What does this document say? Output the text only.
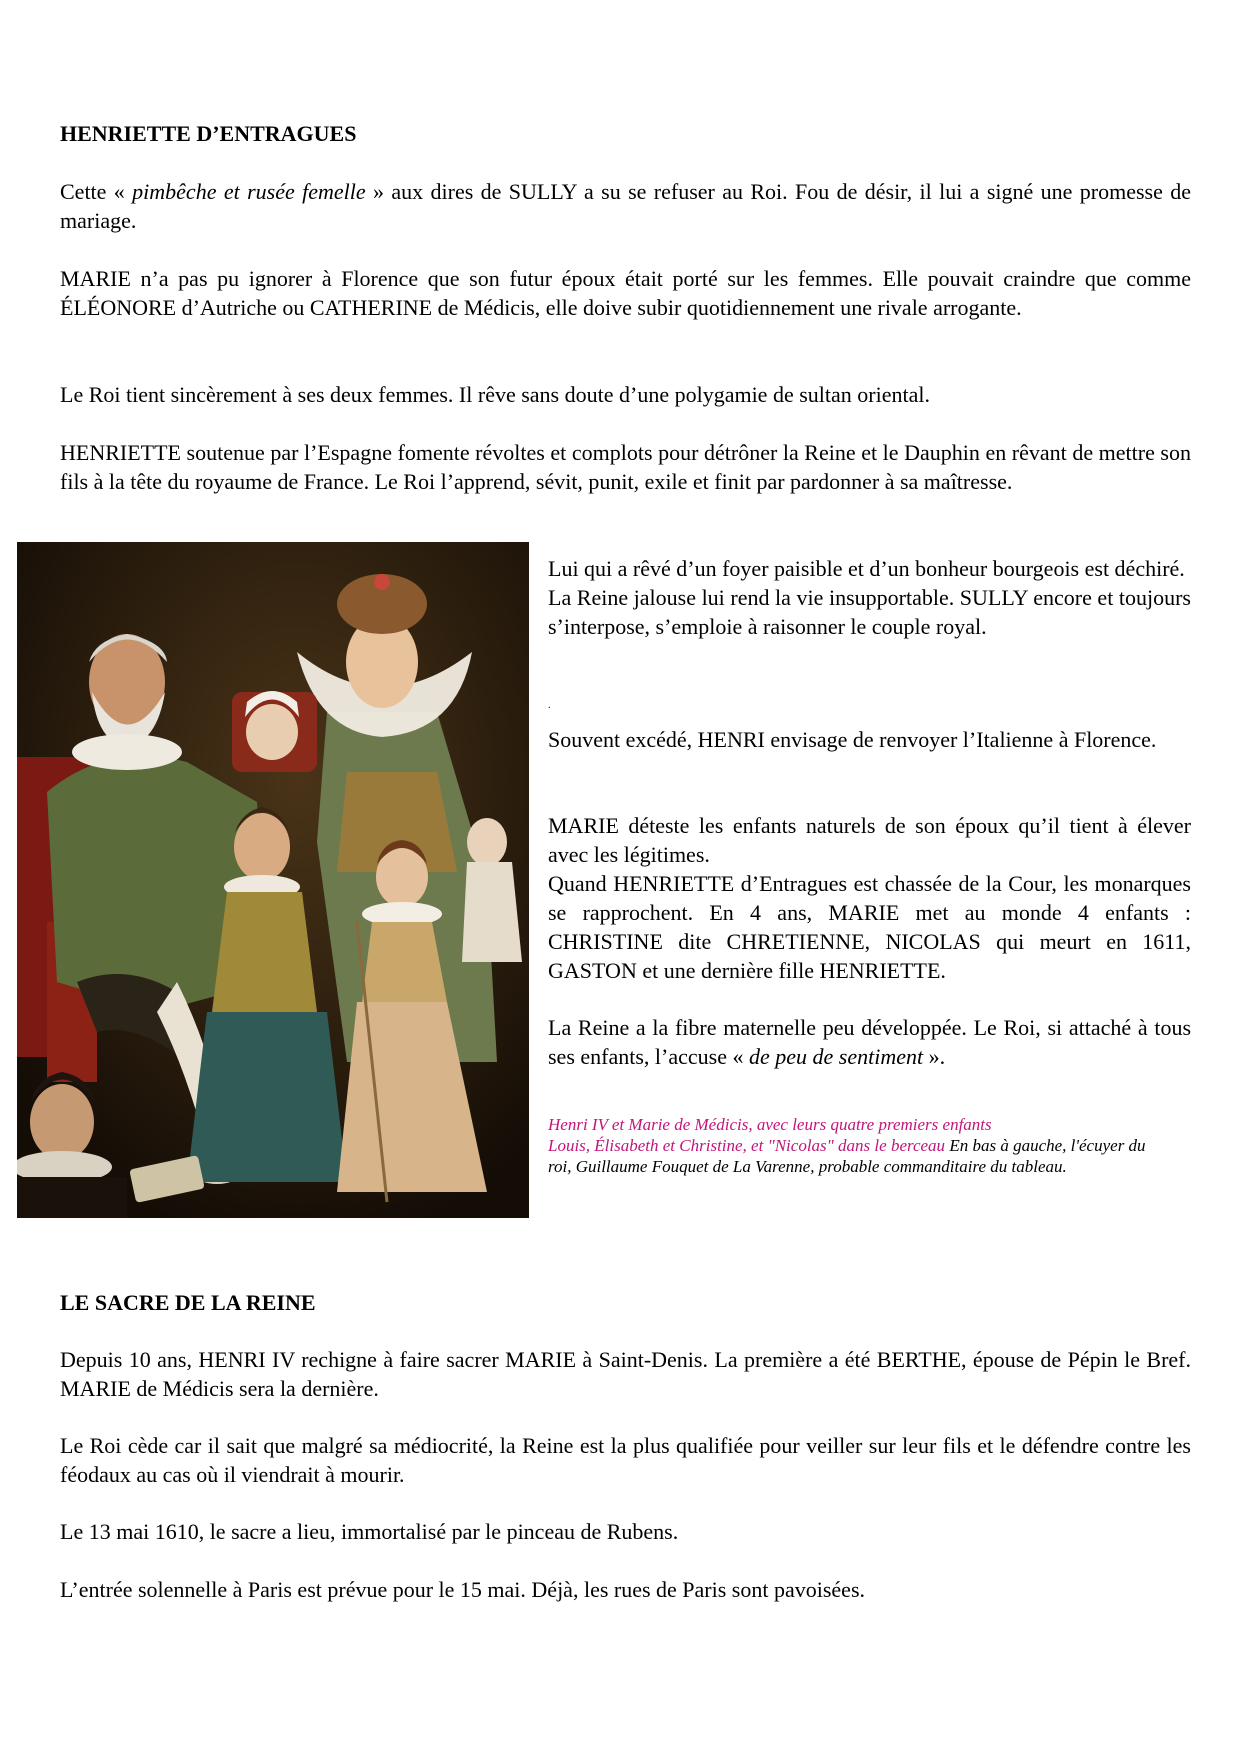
HENRIETTE D’ENTRAGUES

Cette « pimbêche et rusée femelle » aux dires de SULLY a su se refuser au Roi. Fou de désir, il lui a signé une promesse de mariage.

MARIE n’a pas pu ignorer à Florence que son futur époux était porté sur les femmes. Elle pouvait craindre que comme ÉLÉONORE d’Autriche ou CATHERINE de Médicis, elle doive subir quotidiennement une rivale arrogante.

Le Roi tient sincèrement à ses deux femmes. Il rêve sans doute d’une polygamie de sultan oriental.

HENRIETTE soutenue par l’Espagne fomente révoltes et complots pour détrôner la Reine et le Dauphin en rêvant de mettre son fils à la tête du royaume de France. Le Roi l’apprend, sévit, punit, exile et finit par pardonner à sa maîtresse.

Lui qui a rêvé d’un foyer paisible et d’un bonheur bourgeois est déchiré.
La Reine jalouse lui rend la vie insupportable. SULLY encore et toujours s’interpose, s’emploie à raisonner le couple royal.

.

Souvent excédé, HENRI envisage de renvoyer l’Italienne à Florence.

MARIE déteste les enfants naturels de son époux qu’il tient à élever avec les légitimes.
Quand HENRIETTE d’Entragues est chassée de la Cour, les monarques se rapprochent. En 4 ans, MARIE met au monde 4 enfants : CHRISTINE dite CHRETIENNE, NICOLAS qui meurt en 1611, GASTON et une dernière fille HENRIETTE.

La Reine a la fibre maternelle peu développée. Le Roi, si attaché à tous ses enfants, l’accuse « de peu de sentiment ».

Henri IV et Marie de Médicis, avec leurs quatre premiers enfants
Louis, Élisabeth et Christine, et "Nicolas" dans le berceau En bas à gauche, l'écuyer du roi, Guillaume Fouquet de La Varenne, probable commanditaire du tableau.

LE SACRE DE LA REINE

Depuis 10 ans, HENRI IV rechigne à faire sacrer MARIE à Saint-Denis. La première a été BERTHE, épouse de Pépin le Bref. MARIE de Médicis sera la dernière.

Le Roi cède car il sait que malgré sa médiocrité, la Reine est la plus qualifiée pour veiller sur leur fils et le défendre contre les féodaux au cas où il viendrait à mourir.

Le 13 mai 1610, le sacre a lieu, immortalisé par le pinceau de Rubens.

L’entrée solennelle à Paris est prévue pour le 15 mai. Déjà, les rues de Paris sont pavoisées.
